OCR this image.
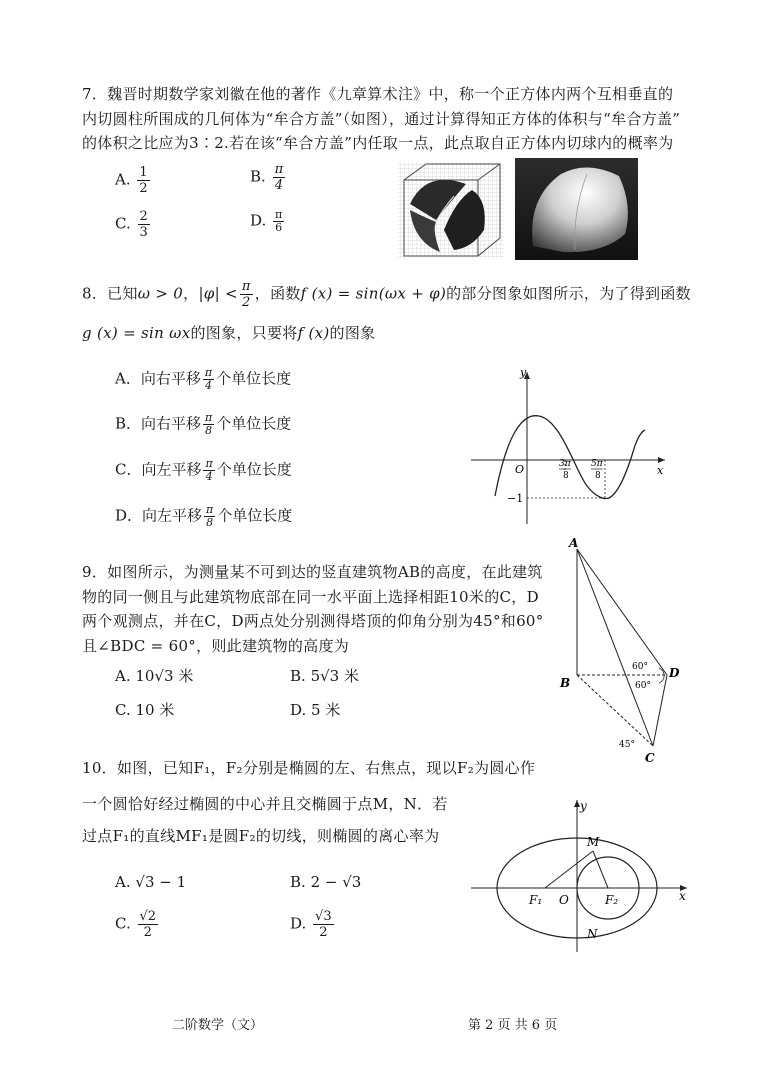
7．魏晋时期数学家刘徽在他的著作《九章算术注》中，称一个正方体内两个互相垂直的
内切圆柱所围成的几何体为“牟合方盖”（如图），通过计算得知正方体的体积与“牟合方盖”
的体积之比应为3∶2.若在该“牟合方盖”内任取一点，此点取自正方体内切球内的概率为
A. $\frac{1}{2}$	B. $\frac{\pi}{4}$
C. $\frac{2}{3}$	D. $\frac{\pi}{6}$
8．已知ω > 0，$|\varphi| < \frac{\pi}{2}$ ，函数f (x) = sin(ωx + φ)的部分图象如图所示，为了得到函数
g (x) = sin ωx的图象，只要将f (x)的图象
A．向右平移 $\frac{\pi}{4}$ 个单位长度
B．向右平移 $\frac{\pi}{8}$ 个单位长度
C．向左平移 $\frac{\pi}{4}$ 个单位长度
D．向左平移 $\frac{\pi}{8}$ 个单位长度
y
x
O	3π
8
5π
8
−1
9．如图所示，为测量某不可到达的竖直建筑物AB的高度，在此建筑
物的同一侧且与此建筑物底部在同一水平面上选择相距10米的C，D
两个观测点，并在C，D两点处分别测得塔顶的仰角分别为45°和60°
且∠BDC = 60°，则此建筑物的高度为
A. 10√3 米	B. 5√3 米
C. 10 米	D. 5 米
A
B
D
C
60°
60°
45°
10．如图，已知F₁，F₂分别是椭圆的左、右焦点，现以F₂为圆心作
一个圆恰好经过椭圆的中心并且交椭圆于点M，N．若
过点F₁的直线MF₁是圆F₂的切线，则椭圆的离心率为
A. √3 − 1	B. 2 − √3
C. $\frac{√2}{2}$	D. $\frac{√3}{2}$
M
N
O
F₁	F₂
y
x
二阶数学（文）	第 2 页 共 6 页
